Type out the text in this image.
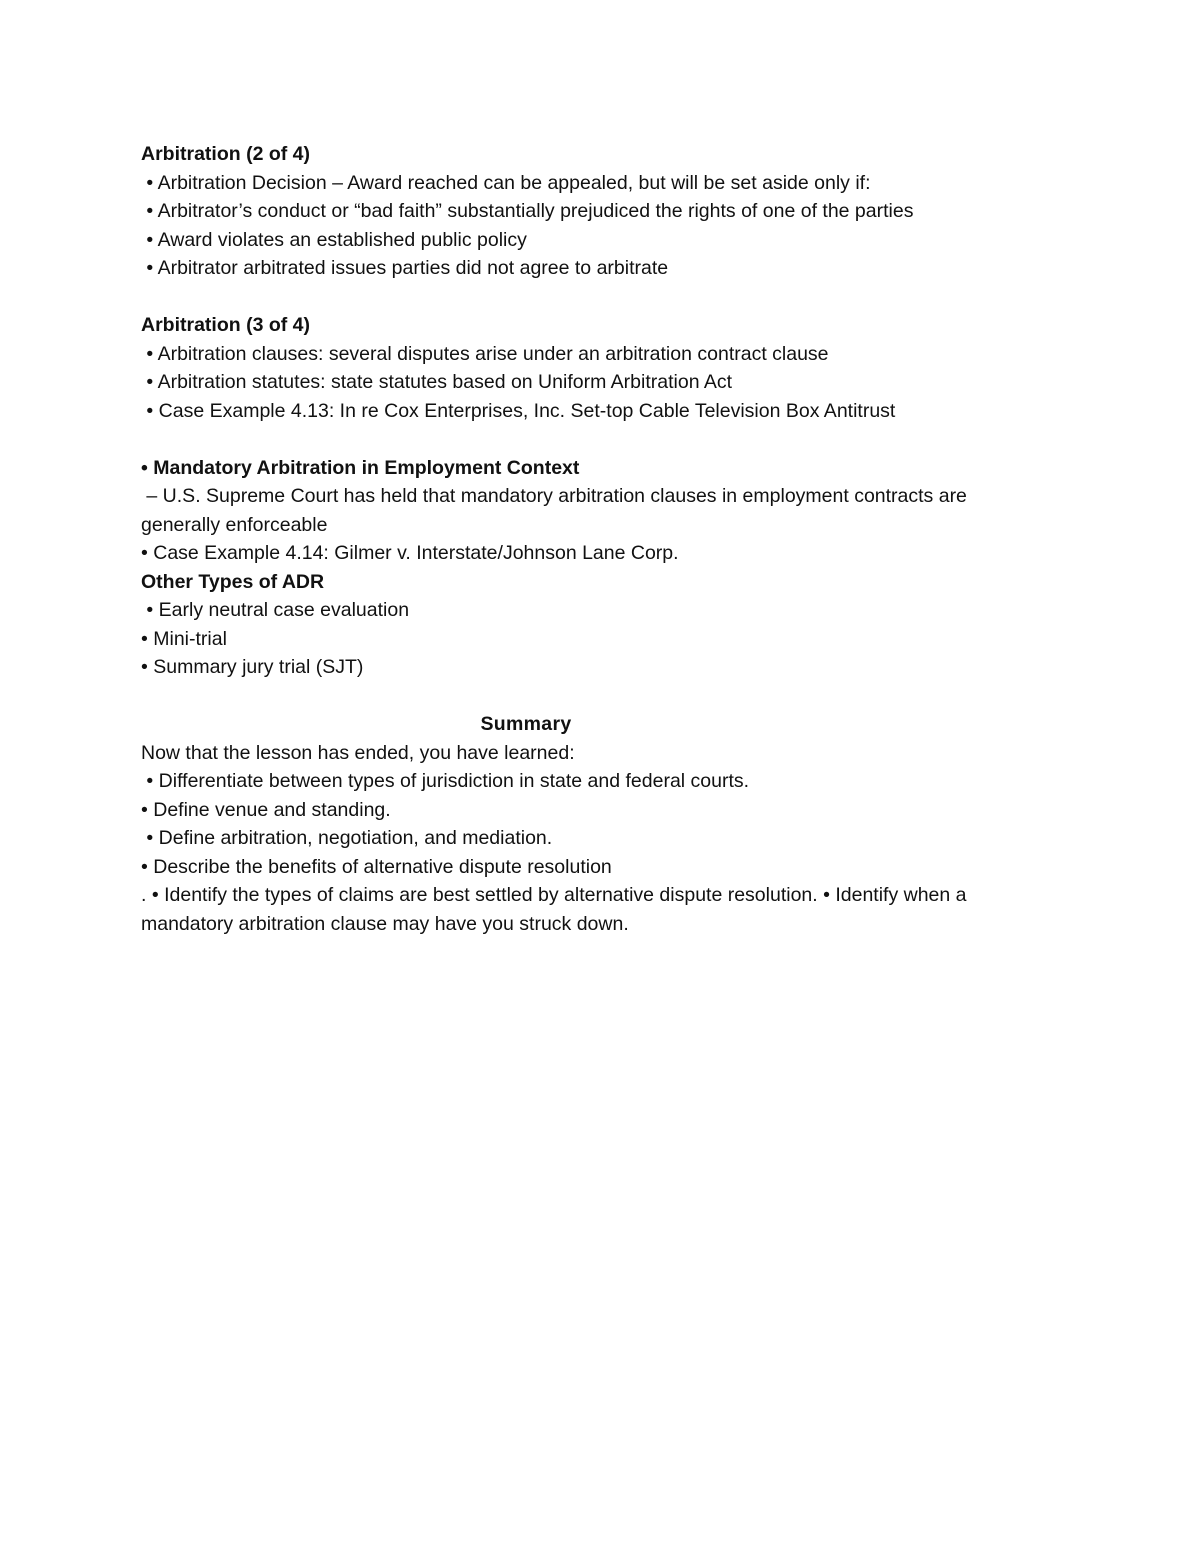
Arbitration (2 of 4)
• Arbitration Decision – Award reached can be appealed, but will be set aside only if:
• Arbitrator’s conduct or “bad faith” substantially prejudiced the rights of one of the parties
• Award violates an established public policy
• Arbitrator arbitrated issues parties did not agree to arbitrate
Arbitration (3 of 4)
• Arbitration clauses: several disputes arise under an arbitration contract clause
• Arbitration statutes: state statutes based on Uniform Arbitration Act
• Case Example 4.13: In re Cox Enterprises, Inc. Set-top Cable Television Box Antitrust
• Mandatory Arbitration in Employment Context
– U.S. Supreme Court has held that mandatory arbitration clauses in employment contracts are
generally enforceable
• Case Example 4.14: Gilmer v. Interstate/Johnson Lane Corp.
Other Types of ADR
• Early neutral case evaluation
• Mini-trial
• Summary jury trial (SJT)
Summary
Now that the lesson has ended, you have learned:
• Differentiate between types of jurisdiction in state and federal courts.
• Define venue and standing.
• Define arbitration, negotiation, and mediation.
• Describe the benefits of alternative dispute resolution
. • Identify the types of claims are best settled by alternative dispute resolution. • Identify when a
mandatory arbitration clause may have you struck down.
